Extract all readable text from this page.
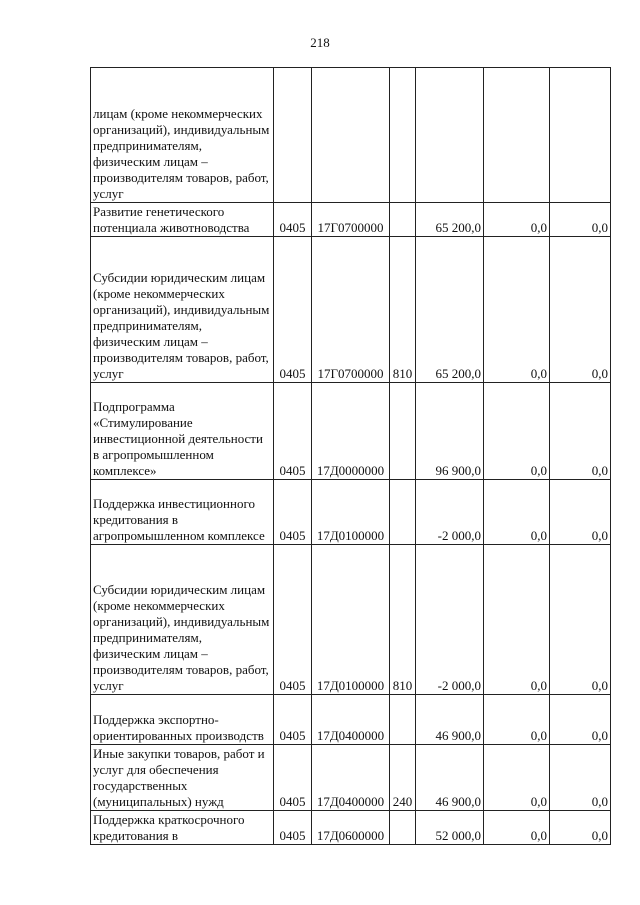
218
лицам (кроме некоммерческих организаций), индивидуальным предпринимателям, физическим лицам – производителям товаров, работ, услуг						
Развитие генетического потенциала животноводства	0405	17Г0700000		65 200,0	0,0	0,0
Субсидии юридическим лицам (кроме некоммерческих организаций), индивидуальным предпринимателям, физическим лицам – производителям товаров, работ, услуг	0405	17Г0700000	810	65 200,0	0,0	0,0
Подпрограмма «Стимулирование инвестиционной деятельности в агропромышленном комплексе»	0405	17Д0000000		96 900,0	0,0	0,0
Поддержка инвестиционного кредитования в агропромышленном комплексе	0405	17Д0100000		-2 000,0	0,0	0,0
Субсидии юридическим лицам (кроме некоммерческих организаций), индивидуальным предпринимателям, физическим лицам – производителям товаров, работ, услуг	0405	17Д0100000	810	-2 000,0	0,0	0,0
Поддержка экспортно-ориентированных производств	0405	17Д0400000		46 900,0	0,0	0,0
Иные закупки товаров, работ и услуг для обеспечения государственных (муниципальных) нужд	0405	17Д0400000	240	46 900,0	0,0	0,0
Поддержка краткосрочного кредитования в	0405	17Д0600000		52 000,0	0,0	0,0
